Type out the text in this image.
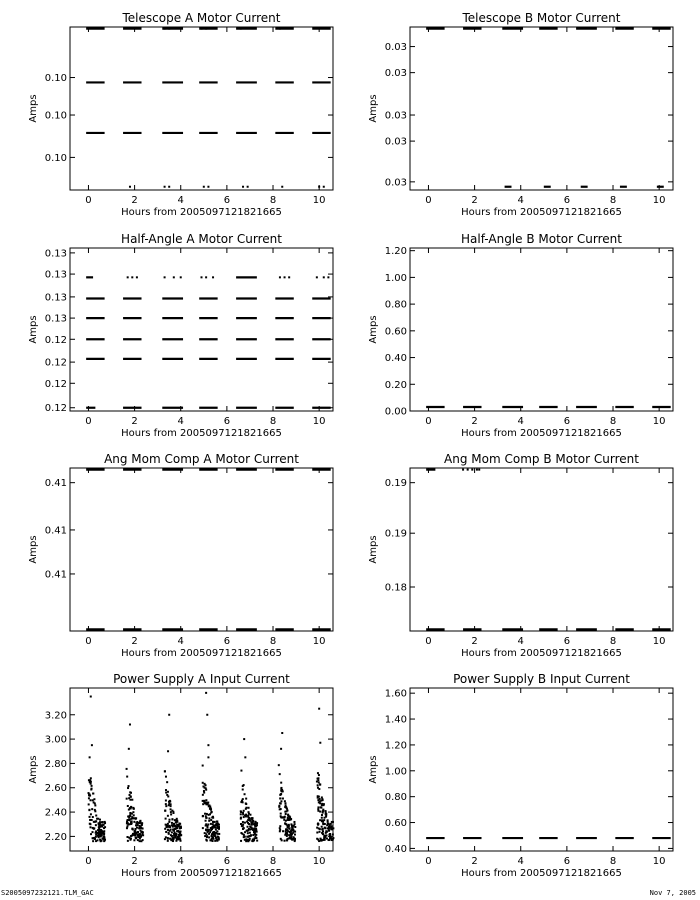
Telescope A Motor Current
0	2	4	6	8	10
0.10
0.10
0.10
Hours from 2005097121821665
Amps
Telescope B Motor Current
0	2	4	6	8	10
0.03
0.03
0.03
0.03
0.03
Hours from 2005097121821665
Amps
Half-Angle A Motor Current
0	2	4	6	8	10
0.12
0.12
0.12
0.12
0.13
0.13
0.13
0.13
Hours from 2005097121821665
Amps
Half-Angle B Motor Current
0	2	4	6	8	10
0.00
0.20
0.40
0.60
0.80
1.00
1.20
Hours from 2005097121821665
Amps
Ang Mom Comp A Motor Current
0	2	4	6	8	10
0.41
0.41
0.41
Hours from 2005097121821665
Amps
Ang Mom Comp B Motor Current
0	2	4	6	8	10
0.18
0.19
0.19
Hours from 2005097121821665
Amps
Power Supply A Input Current
0	2	4	6	8	10
2.20
2.40
2.60
2.80
3.00
3.20
Hours from 2005097121821665
Amps
Power Supply B Input Current
0	2	4	6	8	10
0.40
0.60
0.80
1.00
1.20
1.40
1.60
Hours from 2005097121821665
Amps
S2005097232121.TLM_GAC	Nov 7, 2005
